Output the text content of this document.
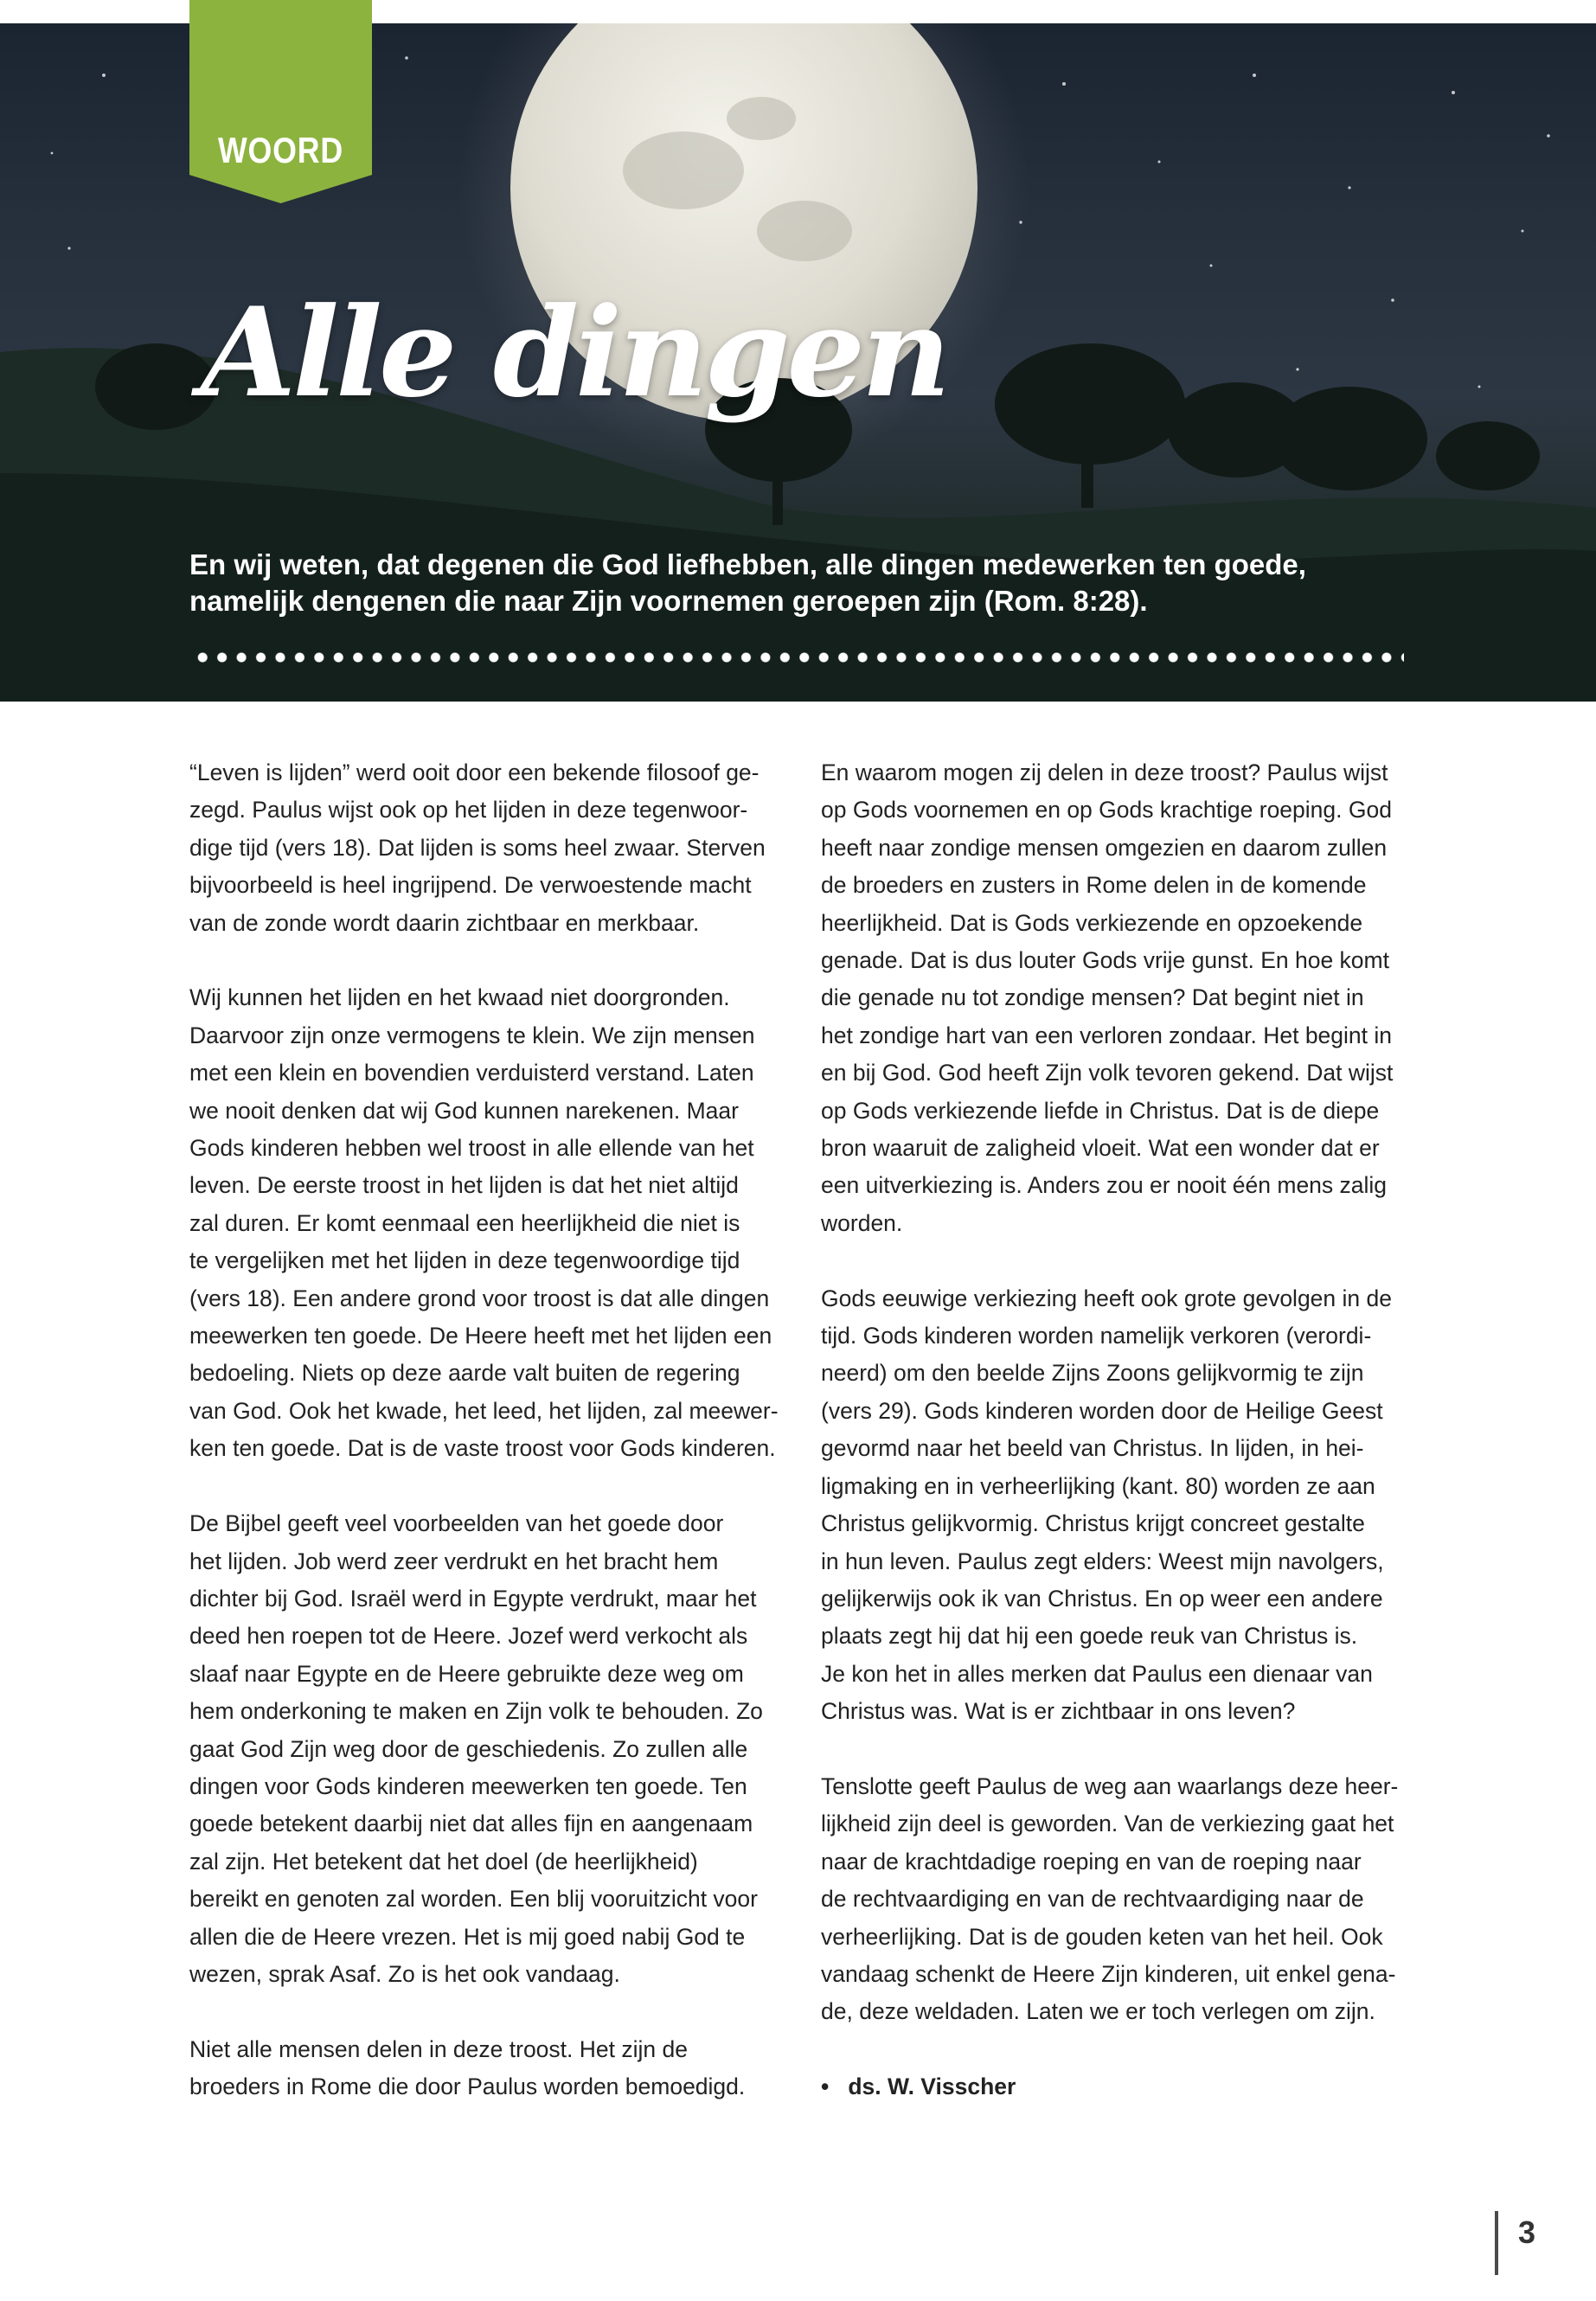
WOORD
Alle dingen

En wij weten, dat degenen die God liefhebben, alle dingen medewerken ten goede,

namelijk dengenen die naar Zijn voornemen geroepen zijn (Rom. 8:28).

“Leven is lijden” werd ooit door een bekende filosoof ge-
zegd. Paulus wijst ook op het lijden in deze tegenwoor-
dige tijd (vers 18). Dat lijden is soms heel zwaar. Sterven
bijvoorbeeld is heel ingrijpend. De verwoestende macht
van de zonde wordt daarin zichtbaar en merkbaar.
Wij kunnen het lijden en het kwaad niet doorgronden.
Daarvoor zijn onze vermogens te klein. We zijn mensen
met een klein en bovendien verduisterd verstand. Laten
we nooit denken dat wij God kunnen narekenen. Maar
Gods kinderen hebben wel troost in alle ellende van het
leven. De eerste troost in het lijden is dat het niet altijd
zal duren. Er komt eenmaal een heerlijkheid die niet is
te vergelijken met het lijden in deze tegenwoordige tijd
(vers 18). Een andere grond voor troost is dat alle dingen
meewerken ten goede. De Heere heeft met het lijden een
bedoeling. Niets op deze aarde valt buiten de regering
van God. Ook het kwade, het leed, het lijden, zal meewer-
ken ten goede. Dat is de vaste troost voor Gods kinderen.
De Bijbel geeft veel voorbeelden van het goede door
het lijden. Job werd zeer verdrukt en het bracht hem
dichter bij God. Israël werd in Egypte verdrukt, maar het
deed hen roepen tot de Heere. Jozef werd verkocht als
slaaf naar Egypte en de Heere gebruikte deze weg om
hem onderkoning te maken en Zijn volk te behouden. Zo
gaat God Zijn weg door de geschiedenis. Zo zullen alle
dingen voor Gods kinderen meewerken ten goede. Ten
goede betekent daarbij niet dat alles fijn en aangenaam
zal zijn. Het betekent dat het doel (de heerlijkheid)
bereikt en genoten zal worden. Een blij vooruitzicht voor
allen die de Heere vrezen. Het is mij goed nabij God te
wezen, sprak Asaf. Zo is het ook vandaag.
Niet alle mensen delen in deze troost. Het zijn de
broeders in Rome die door Paulus worden bemoedigd.
En waarom mogen zij delen in deze troost? Paulus wijst
op Gods voornemen en op Gods krachtige roeping. God
heeft naar zondige mensen omgezien en daarom zullen
de broeders en zusters in Rome delen in de komende
heerlijkheid. Dat is Gods verkiezende en opzoekende
genade. Dat is dus louter Gods vrije gunst. En hoe komt
die genade nu tot zondige mensen? Dat begint niet in
het zondige hart van een verloren zondaar. Het begint in
en bij God. God heeft Zijn volk tevoren gekend. Dat wijst
op Gods verkiezende liefde in Christus. Dat is de diepe
bron waaruit de zaligheid vloeit. Wat een wonder dat er
een uitverkiezing is. Anders zou er nooit één mens zalig
worden.
Gods eeuwige verkiezing heeft ook grote gevolgen in de
tijd. Gods kinderen worden namelijk verkoren (verordi-
neerd) om den beelde Zijns Zoons gelijkvormig te zijn
(vers 29). Gods kinderen worden door de Heilige Geest
gevormd naar het beeld van Christus. In lijden, in hei-
ligmaking en in verheerlijking (kant. 80) worden ze aan
Christus gelijkvormig. Christus krijgt concreet gestalte
in hun leven. Paulus zegt elders: Weest mijn navolgers,
gelijkerwijs ook ik van Christus. En op weer een andere
plaats zegt hij dat hij een goede reuk van Christus is.
Je kon het in alles merken dat Paulus een dienaar van
Christus was. Wat is er zichtbaar in ons leven?
Tenslotte geeft Paulus de weg aan waarlangs deze heer-
lijkheid zijn deel is geworden. Van de verkiezing gaat het
naar de krachtdadige roeping en van de roeping naar
de rechtvaardiging en van de rechtvaardiging naar de
verheerlijking. Dat is de gouden keten van het heil. Ook
vandaag schenkt de Heere Zijn kinderen, uit enkel gena-
de, deze weldaden. Laten we er toch verlegen om zijn.
•   ds. W. Visscher
3
